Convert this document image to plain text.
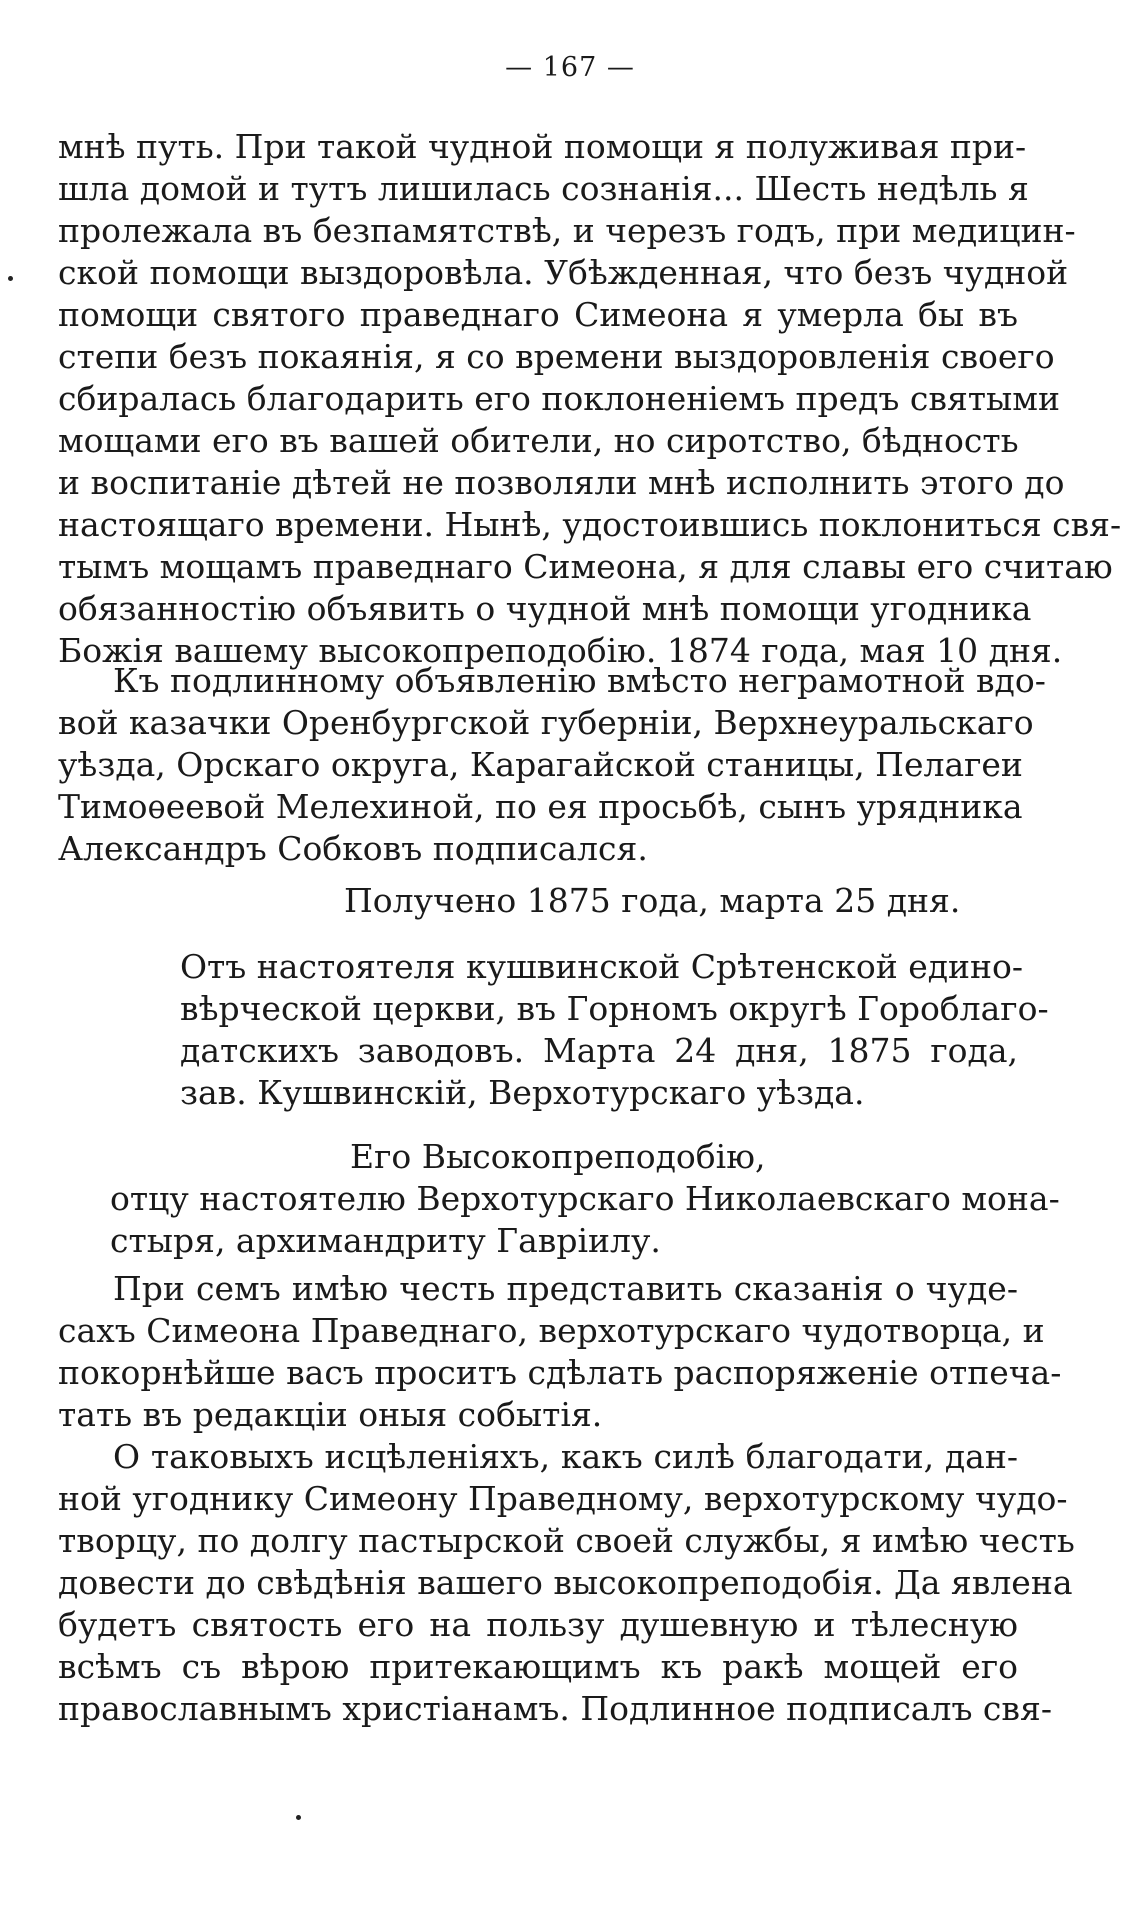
— 167 —
мнѣ путь. При такой чудной помощи я полуживая при-
шла домой и тутъ лишилась сознанія... Шесть недѣль я
пролежала въ безпамятствѣ, и черезъ годъ, при медицин-
ской помощи выздоровѣла. Убѣжденная, что безъ чудной
помощи святого праведнаго Симеона я умерла бы въ
степи безъ покаянія, я со времени выздоровленія своего
сбиралась благодарить его поклоненіемъ предъ святыми
мощами его въ вашей обители, но сиротство, бѣдность
и воспитаніе дѣтей не позволяли мнѣ исполнить этого до
настоящаго времени. Нынѣ, удостоившись поклониться свя-
тымъ мощамъ праведнаго Симеона, я для славы его считаю
обязанностію объявить о чудной мнѣ помощи угодника
Божія вашему высокопреподобію. 1874 года, мая 10 дня.
Къ подлинному объявленію вмѣсто неграмотной вдо-
вой казачки Оренбургской губерніи, Верхнеуральскаго
уѣзда, Орскаго округа, Карагайской станицы, Пелагеи
Тимоѳеевой Мелехиной, по ея просьбѣ, сынъ урядника
Александръ Собковъ подписался.
Получено 1875 года, марта 25 дня.
Отъ настоятеля кушвинской Срѣтенской едино-
вѣрческой церкви, въ Горномъ округѣ Гороблаго-
датскихъ заводовъ. Марта 24 дня, 1875 года,
зав. Кушвинскій, Верхотурскаго уѣзда.
Его Высокопреподобію,
отцу настоятелю Верхотурскаго Николаевскаго мона-
стыря, архимандриту Гавріилу.
При семъ имѣю честь представить сказанія о чуде-
сахъ Симеона Праведнаго, верхотурскаго чудотворца, и
покорнѣйше васъ проситъ сдѣлать распоряженіе отпеча-
тать въ редакціи оныя событія.
О таковыхъ исцѣленіяхъ, какъ силѣ благодати, дан-
ной угоднику Симеону Праведному, верхотурскому чудо-
творцу, по долгу пастырской своей службы, я имѣю честь
довести до свѣдѣнія вашего высокопреподобія. Да явлена
будетъ святость его на пользу душевную и тѣлесную
всѣмъ съ вѣрою притекающимъ къ ракѣ мощей его
православнымъ христіанамъ. Подлинное подписалъ свя-
